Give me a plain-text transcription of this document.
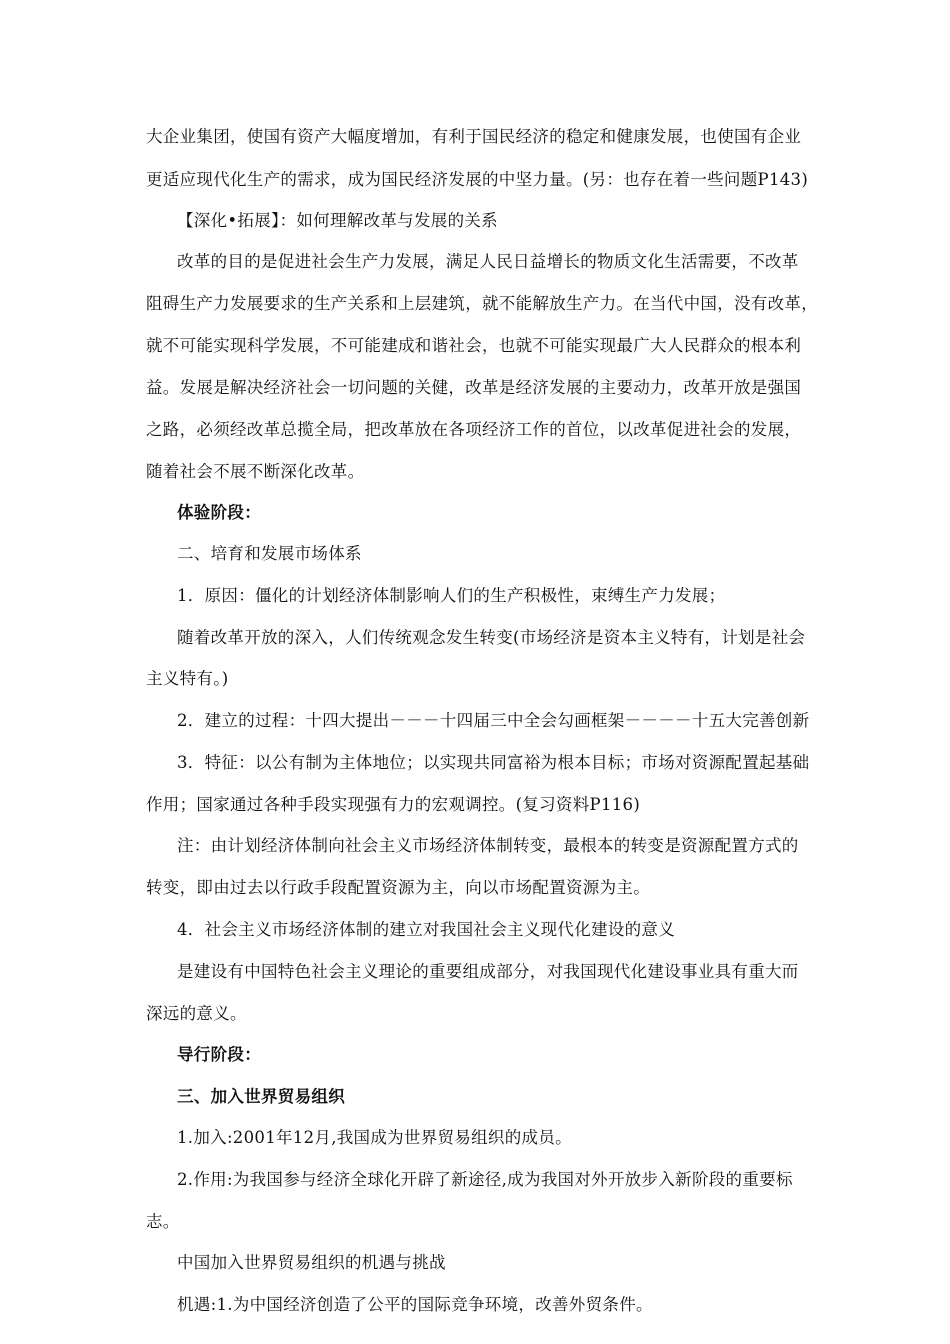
大企业集团，使国有资产大幅度增加，有利于国民经济的稳定和健康发展，也使国有企业
更适应现代化生产的需求，成为国民经济发展的中坚力量。(另：也存在着一些问题P143)
【深化•拓展】：如何理解改革与发展的关系
改革的目的是促进社会生产力发展，满足人民日益增长的物质文化生活需要，不改革
阻碍生产力发展要求的生产关系和上层建筑，就不能解放生产力。在当代中国，没有改革，
就不可能实现科学发展，不可能建成和谐社会，也就不可能实现最广大人民群众的根本利
益。发展是解决经济社会一切问题的关健，改革是经济发展的主要动力，改革开放是强国
之路，必须经改革总揽全局，把改革放在各项经济工作的首位，以改革促进社会的发展，
随着社会不展不断深化改革。
体验阶段：
二、培育和发展市场体系
1．原因：僵化的计划经济体制影响人们的生产积极性，束缚生产力发展；
随着改革开放的深入，人们传统观念发生转变(市场经济是资本主义特有，计划是社会
主义特有。)
2．建立的过程：十四大提出－－－十四届三中全会勾画框架－－－－十五大完善创新
3．特征：以公有制为主体地位；以实现共同富裕为根本目标；市场对资源配置起基础
作用；国家通过各种手段实现强有力的宏观调控。(复习资料P116)
注：由计划经济体制向社会主义市场经济体制转变，最根本的转变是资源配置方式的
转变，即由过去以行政手段配置资源为主，向以市场配置资源为主。
4．社会主义市场经济体制的建立对我国社会主义现代化建设的意义
是建设有中国特色社会主义理论的重要组成部分，对我国现代化建设事业具有重大而
深远的意义。
导行阶段：
三、加入世界贸易组织
1.加入:2001年12月,我国成为世界贸易组织的成员。
2.作用:为我国参与经济全球化开辟了新途径,成为我国对外开放步入新阶段的重要标
志。
中国加入世界贸易组织的机遇与挑战
机遇:1.为中国经济创造了公平的国际竞争环境，改善外贸条件。
